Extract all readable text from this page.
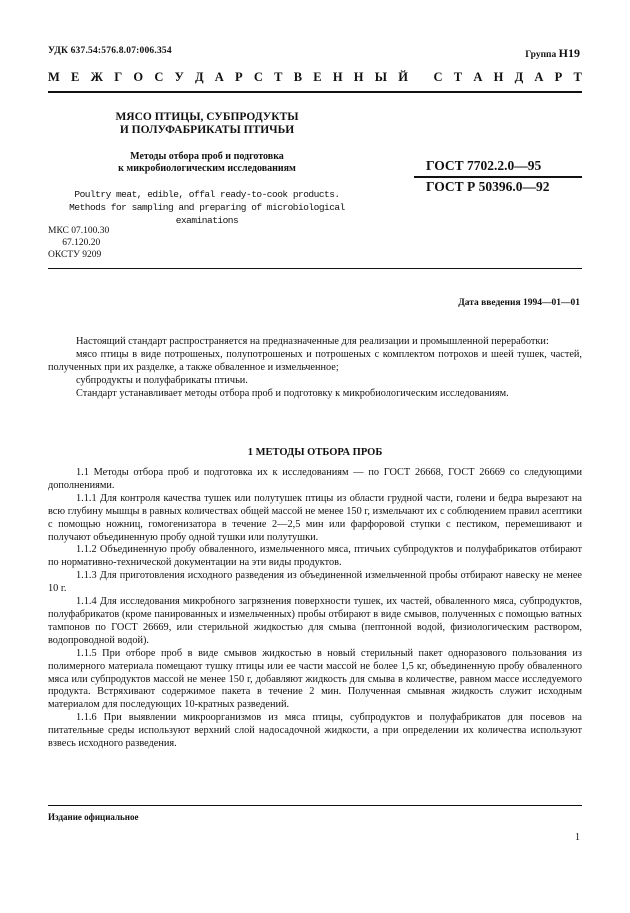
УДК 637.54:576.8.07:006.354	Группа Н19
М Е Ж Г О С У Д А Р С Т В Е Н Н Ы Й
С Т А Н Д А Р Т
МЯСО ПТИЦЫ, СУБПРОДУКТЫ
И ПОЛУФАБРИКАТЫ ПТИЧЬИ
Методы отбора проб и подготовка
к микробиологическим исследованиям	ГОСТ 7702.2.0—95
ГОСТ Р 50396.0—92
Poultry meat, edible, offal ready-to-cook products.
Methods for sampling and preparing of microbiological examinations
МКС 07.100.30
67.120.20
ОКСТУ 9209
Дата введения 1994—01—01

Настоящий стандарт распространяется на предназначенные для реализации и промышленной переработки:

мясо птицы в виде потрошеных, полупотрошеных и потрошеных с комплектом потрохов и шеей тушек, частей, полученных при их разделке, а также обваленное и измельченное;

субпродукты и полуфабрикаты птичьи.

Стандарт устанавливает методы отбора проб и подготовку к микробиологическим исследованиям.

1 МЕТОДЫ ОТБОРА ПРОБ

1.1 Методы отбора проб и подготовка их к исследованиям — по ГОСТ 26668, ГОСТ 26669 со следующими дополнениями.

1.1.1 Для контроля качества тушек или полутушек птицы из области грудной части, голени и бедра вырезают на всю глубину мышцы в равных количествах общей массой не менее 150 г, измельчают их с соблюдением правил асептики с помощью ножниц, гомогенизатора в течение 2—2,5 мин или фарфоровой ступки с пестиком, перемешивают и получают объединенную пробу одной тушки или полутушки.

1.1.2 Объединенную пробу обваленного, измельченного мяса, птичьих субпродуктов и полуфабрикатов отбирают по нормативно-технической документации на эти виды продуктов.

1.1.3 Для приготовления исходного разведения из объединенной измельченной пробы отбирают навеску не менее 10 г.

1.1.4 Для исследования микробного загрязнения поверхности тушек, их частей, обваленного мяса, субпродуктов, полуфабрикатов (кроме панированных и измельченных) пробы отбирают в виде смывов, полученных с помощью ватных тампонов по ГОСТ 26669, или стерильной жидкостью для смыва (пептонной водой, физиологическим раствором, водопроводной водой).

1.1.5 При отборе проб в виде смывов жидкостью в новый стерильный пакет одноразового пользования из полимерного материала помещают тушку птицы или ее части массой не более 1,5 кг, объединенную пробу обваленного мяса или субпродуктов массой не менее 150 г, добавляют жидкость для смыва в количестве, равном массе исследуемого продукта. Встряхивают содержимое пакета в течение 2 мин. Полученная смывная жидкость служит исходным материалом для последующих 10-кратных разведений.

1.1.6 При выявлении микроорганизмов из мяса птицы, субпродуктов и полуфабрикатов для посевов на питательные среды используют верхний слой надосадочной жидкости, а при определении их количества используют взвесь исходного разведения.

Издание официальное
1
